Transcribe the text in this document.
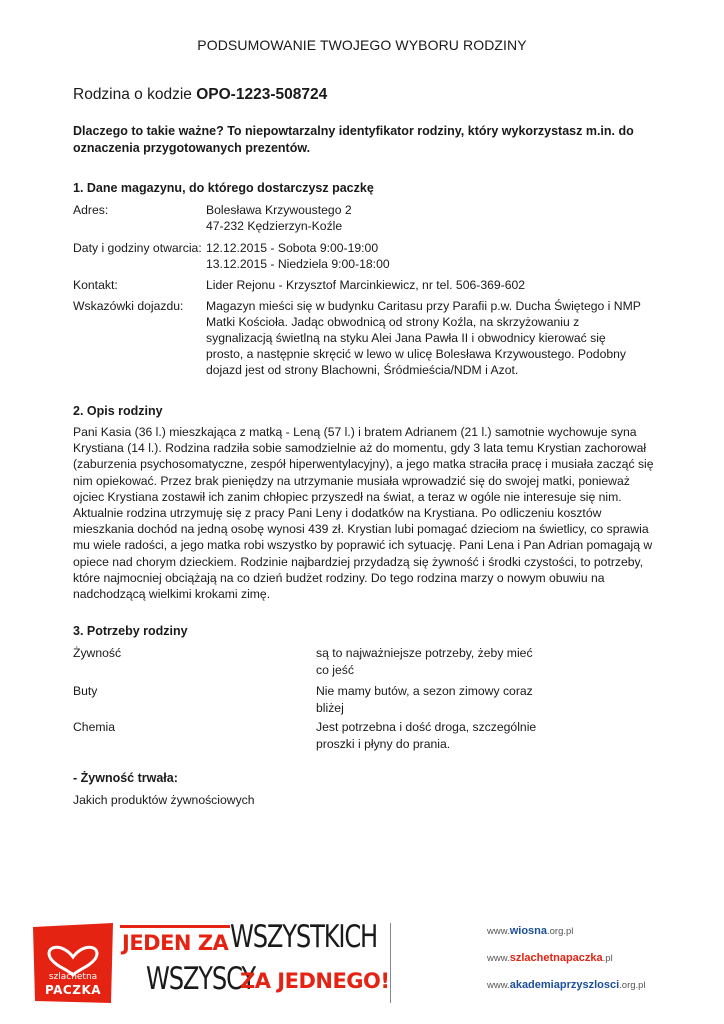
PODSUMOWANIE TWOJEGO WYBORU RODZINY
Rodzina o kodzie OPO-1223-508724
Dlaczego to takie ważne? To niepowtarzalny identyfikator rodziny, który wykorzystasz m.in. do oznaczenia przygotowanych prezentów.
1. Dane magazynu, do którego dostarczysz paczkę
Adres:	Bolesława Krzywoustego 2
47-232 Kędzierzyn-Koźle
Daty i godziny otwarcia: 12.12.2015 - Sobota 9:00-19:00
13.12.2015 - Niedziela 9:00-18:00
Kontakt:	Lider Rejonu - Krzysztof Marcinkiewicz, nr tel. 506-369-602
Wskazówki dojazdu: Magazyn mieści się w budynku Caritasu przy Parafii p.w. Ducha Świętego i NMP Matki Kościoła. Jadąc obwodnicą od strony Koźla, na skrzyżowaniu z sygnalizacją świetlną na styku Alei Jana Pawła II i obwodnicy kierować się prosto, a następnie skręcić w lewo w ulicę Bolesława Krzywoustego. Podobny dojazd jest od strony Blachowni, Śródmieścia/NDM i Azot.
2. Opis rodziny
Pani Kasia (36 l.) mieszkająca z matką - Leną (57 l.) i bratem Adrianem (21 l.) samotnie wychowuje syna Krystiana (14 l.). Rodzina radziła sobie samodzielnie aż do momentu, gdy 3 lata temu Krystian zachorował (zaburzenia psychosomatyczne, zespół hiperwentylacyjny), a jego matka straciła pracę i musiała zacząć się nim opiekować. Przez brak pieniędzy na utrzymanie musiała wprowadzić się do swojej matki, ponieważ ojciec Krystiana zostawił ich zanim chłopiec przyszedł na świat, a teraz w ogóle nie interesuje się nim. Aktualnie rodzina utrzymuję się z pracy Pani Leny i dodatków na Krystiana. Po odliczeniu kosztów mieszkania dochód na jedną osobę wynosi 439 zł. Krystian lubi pomagać dzieciom na świetlicy, co sprawia mu wiele radości, a jego matka robi wszystko by poprawić ich sytuację. Pani Lena i Pan Adrian pomagają w opiece nad chorym dzieckiem. Rodzinie najbardziej przydadzą się żywność i środki czystości, to potrzeby, które najmocniej obciążają na co dzień budżet rodziny. Do tego rodzina marzy o nowym obuwiu na nadchodzącą wielkimi krokami zimę.
3. Potrzeby rodziny
Żywność	są to najważniejsze potrzeby, żeby mieć co jeść
Buty	Nie mamy butów, a sezon zimowy coraz bliżej
Chemia	Jest potrzebna i dość droga, szczególnie proszki i płyny do prania.
- Żywność trwała:
Jakich produktów żywnościowych
szlachetna
PACZKA
JEDEN ZA WSZYSTKICH
WSZYSCY
ZA JEDNEGO!
www.wiosna.org.pl
www.szlachetnapaczka.pl
www.akademiaprzyszlosci.org.pl
